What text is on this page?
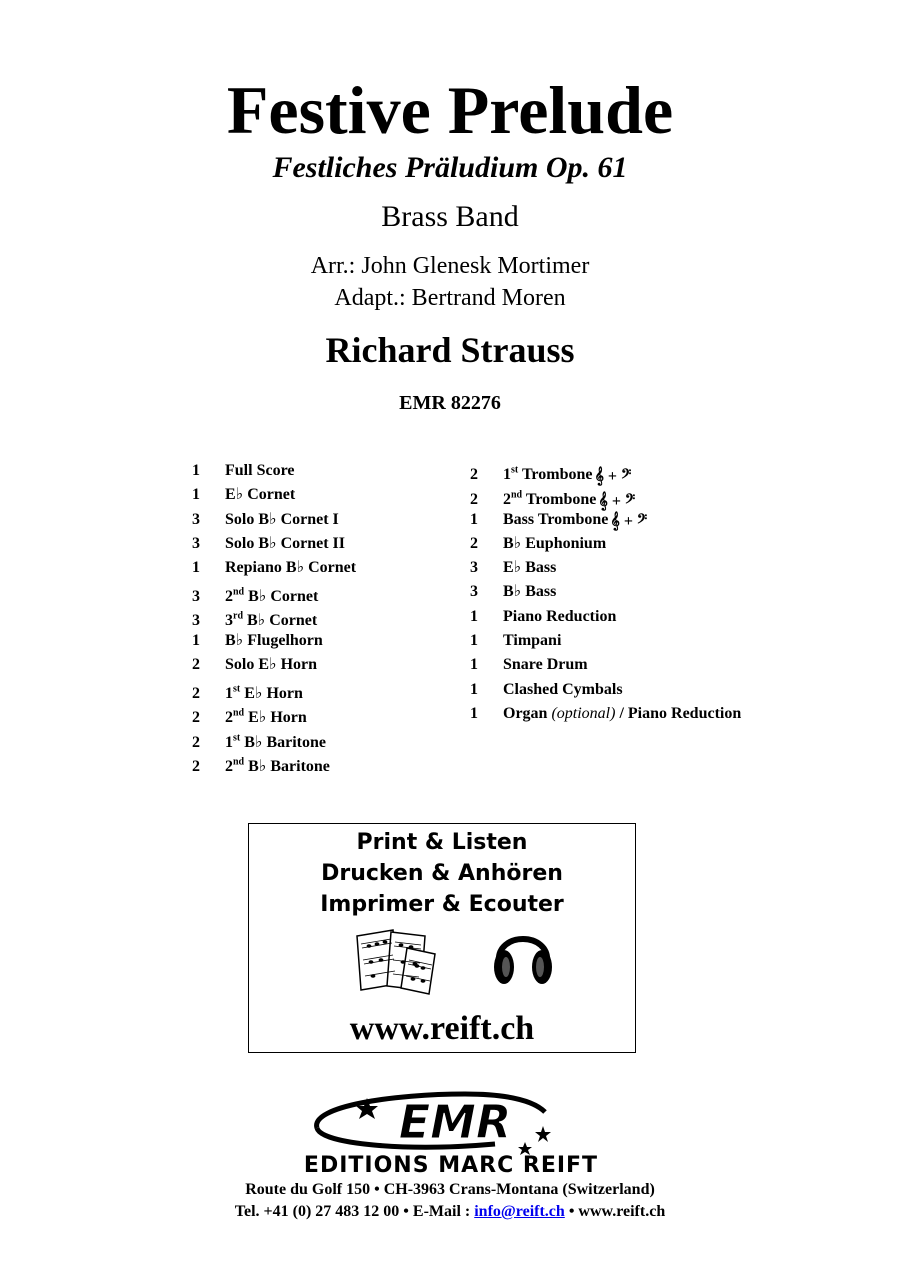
Festive Prelude
Festliches Präludium Op. 61
Brass Band
Arr.: John Glenesk Mortimer
Adapt.: Bertrand Moren
Richard Strauss
EMR 82276
1 Full Score
1 E♭ Cornet
3 Solo B♭ Cornet I
3 Solo B♭ Cornet II
1 Repiano B♭ Cornet
3 2nd B♭ Cornet
3 3rd B♭ Cornet
1 B♭ Flugelhorn
2 Solo E♭ Horn
2 1st E♭ Horn
2 2nd E♭ Horn
2 1st B♭ Baritone
2 2nd B♭ Baritone
2 1st Trombone 𝄞 + 𝄢
2 2nd Trombone 𝄞 + 𝄢
1 Bass Trombone 𝄞 + 𝄢
2 B♭ Euphonium
3 E♭ Bass
3 B♭ Bass
1 Piano Reduction
1 Timpani
1 Snare Drum
1 Clashed Cymbals
1 Organ (optional) / Piano Reduction
Print & Listen
Drucken & Anhören
Imprimer & Ecouter
www.reift.ch
EMR
EDITIONS MARC REIFT
Route du Golf 150 • CH-3963 Crans-Montana (Switzerland)
Tel. +41 (0) 27 483 12 00 • E-Mail : info@reift.ch • www.reift.ch
